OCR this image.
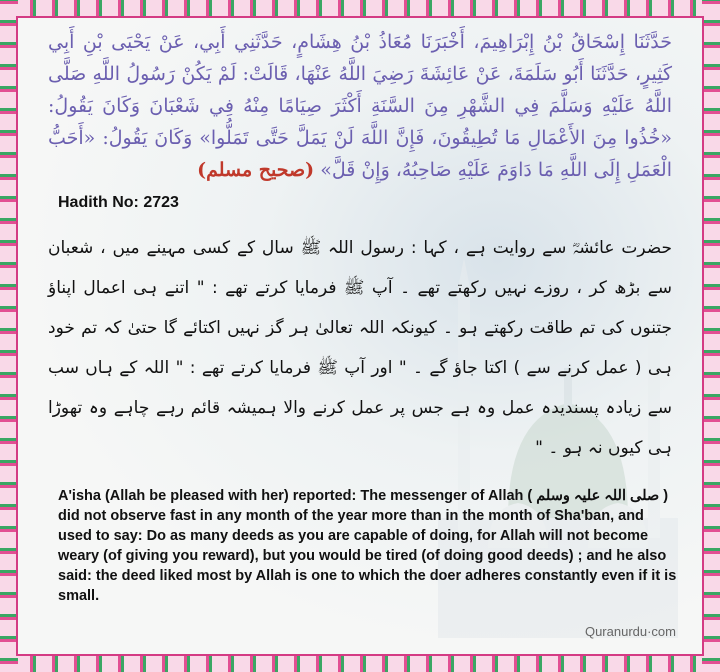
حَدَّثَنَا إِسْحَاقُ بْنُ إِبْرَاهِيمَ، أَخْبَرَنَا مُعَاذُ بْنُ هِشَامٍ، حَدَّثَنِي أَبِي، عَنْ يَحْيَى بْنِ أَبِي كَثِيرٍ، حَدَّثَنَا أَبُو سَلَمَةَ، عَنْ عَائِشَةَ رَضِيَ اللَّهُ عَنْهَا، قَالَتْ: لَمْ يَكُنْ رَسُولُ اللَّهِ صَلَّى اللَّهُ عَلَيْهِ وَسَلَّمَ فِي الشَّهْرِ مِنَ السَّنَةِ أَكْثَرَ صِيَامًا مِنْهُ فِي شَعْبَانَ وَكَانَ يَقُولُ: «خُذُوا مِنَ الأَعْمَالِ مَا تُطِيقُونَ، فَإِنَّ اللَّهَ لَنْ يَمَلَّ حَتَّى تَمَلُّوا» وَكَانَ يَقُولُ: «أَحَبُّ الْعَمَلِ إِلَى اللَّهِ مَا دَاوَمَ عَلَيْهِ صَاحِبُهُ، وَإِنْ قَلَّ» (صحیح مسلم)
Hadith No: 2723
حضرت عائشہؓ سے روایت ہے ، کہا : رسول اللہ ﷺ سال کے کسی مہینے میں ، شعبان سے بڑھ کر ، روزے نہیں رکھتے تھے ۔ آپ ﷺ فرمایا کرتے تھے : " اتنے ہی اعمال اپناؤ جتنوں کی تم طاقت رکھتے ہو ۔ کیونکہ اللہ تعالیٰ ہر گز نہیں اکتائے گا حتیٰ کہ تم خود ہی ( عمل کرنے سے ) اکتا جاؤ گے ۔ " اور آپ ﷺ فرمایا کرتے تھے : " اللہ کے ہاں سب سے زیادہ پسندیدہ عمل وہ ہے جس پر عمل کرنے والا ہمیشہ قائم رہے چاہے وہ تھوڑا ہی کیوں نہ ہو ۔ "
A'isha (Allah be pleased with her) reported: The messenger of Allah ( صلی اللہ علیہ وسلم ) did not observe fast in any month of the year more than in the month of Sha'ban, and used to say: Do as many deeds as you are capable of doing, for Allah will not become weary (of giving you reward), but you would be tired (of doing good deeds) ; and he also said: the deed liked most by Allah is one to which the doer adheres constantly even if it is small.
Quranurdu·com
